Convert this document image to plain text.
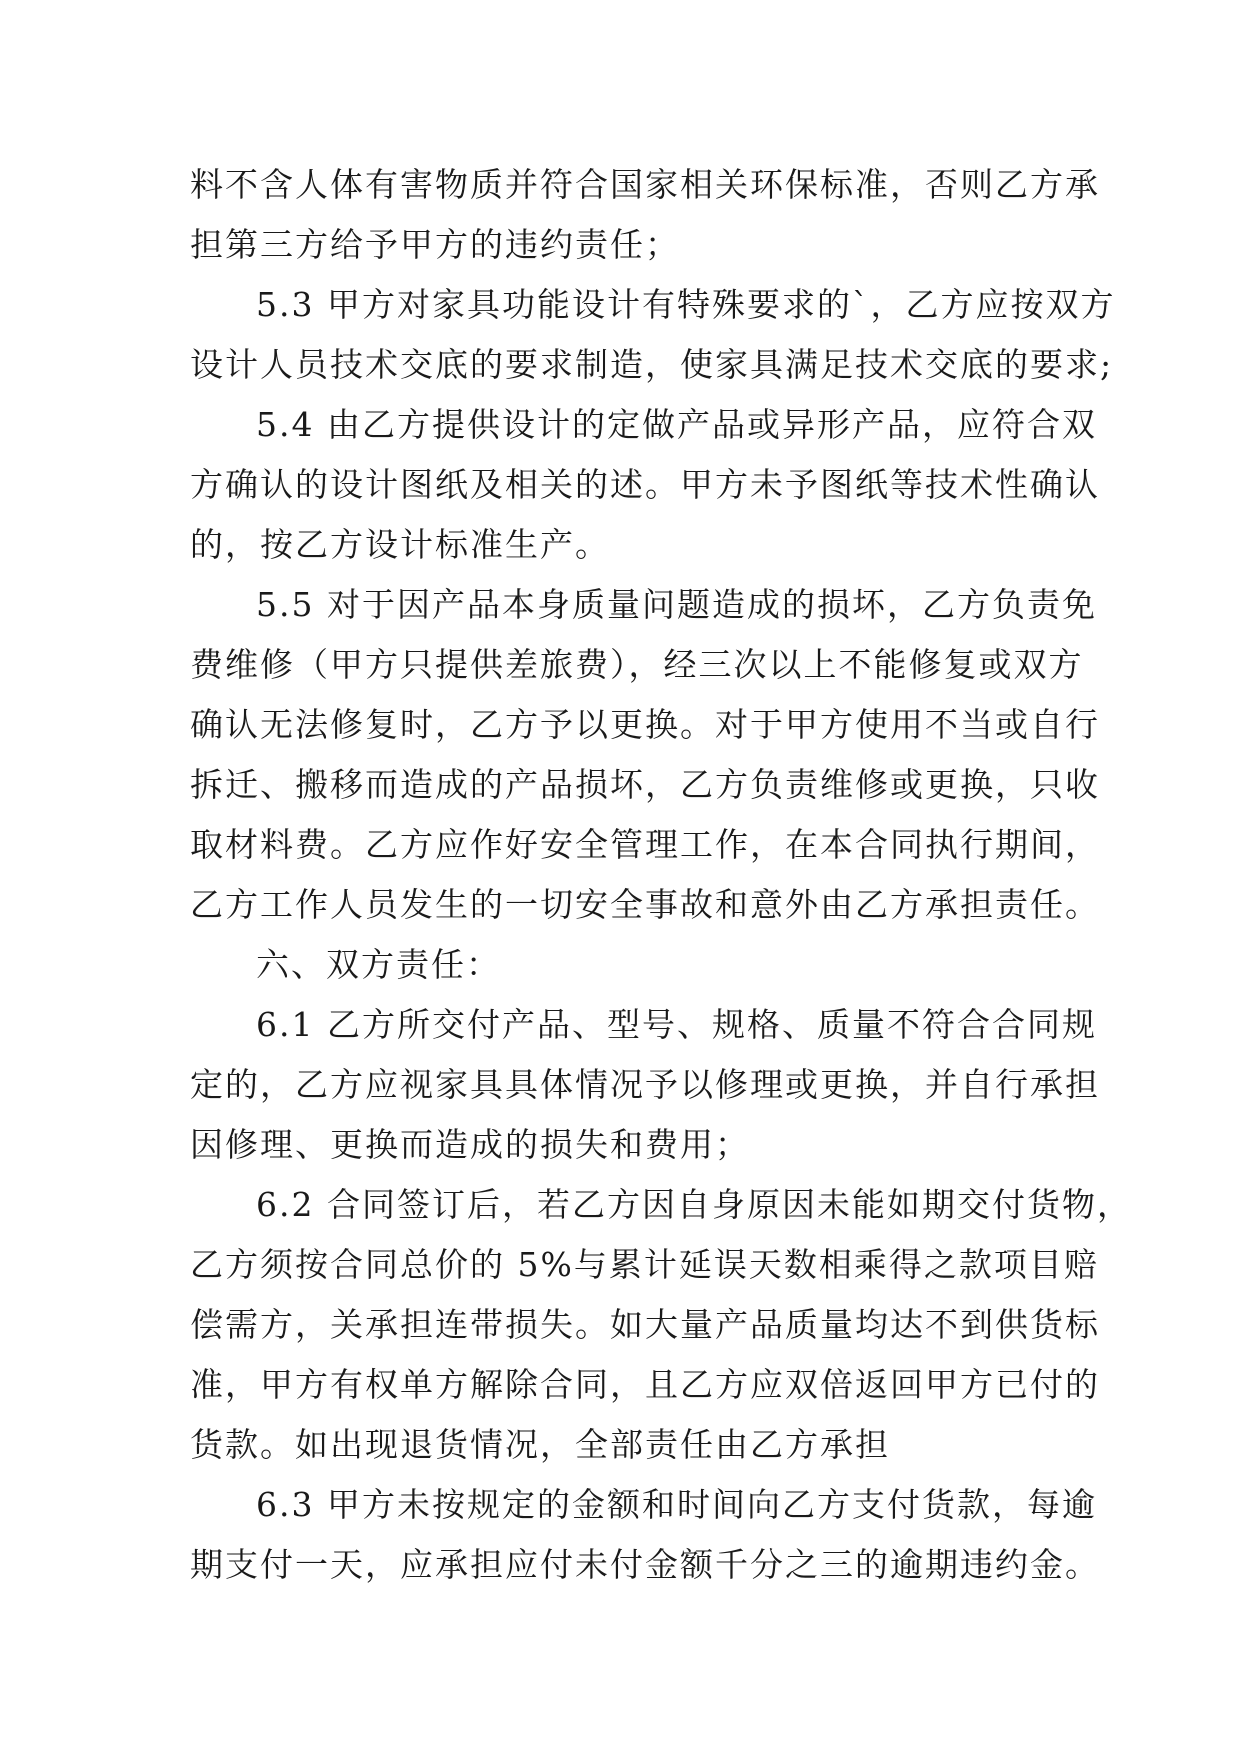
料不含人体有害物质并符合国家相关环保标准，否则乙方承
担第三方给予甲方的违约责任；
5.3 甲方对家具功能设计有特殊要求的`，乙方应按双方
设计人员技术交底的要求制造，使家具满足技术交底的要求;
5.4 由乙方提供设计的定做产品或异形产品，应符合双
方确认的设计图纸及相关的述。甲方未予图纸等技术性确认
的，按乙方设计标准生产。
5.5 对于因产品本身质量问题造成的损坏，乙方负责免
费维修（甲方只提供差旅费），经三次以上不能修复或双方
确认无法修复时，乙方予以更换。对于甲方使用不当或自行
拆迁、搬移而造成的产品损坏，乙方负责维修或更换，只收
取材料费。乙方应作好安全管理工作，在本合同执行期间，
乙方工作人员发生的一切安全事故和意外由乙方承担责任。
六、双方责任：
6.1 乙方所交付产品、型号、规格、质量不符合合同规
定的，乙方应视家具具体情况予以修理或更换，并自行承担
因修理、更换而造成的损失和费用；
6.2 合同签订后，若乙方因自身原因未能如期交付货物，
乙方须按合同总价的 5%与累计延误天数相乘得之款项目赔
偿需方，关承担连带损失。如大量产品质量均达不到供货标
准，甲方有权单方解除合同，且乙方应双倍返回甲方已付的
货款。如出现退货情况，全部责任由乙方承担
6.3 甲方未按规定的金额和时间向乙方支付货款，每逾
期支付一天，应承担应付未付金额千分之三的逾期违约金。
